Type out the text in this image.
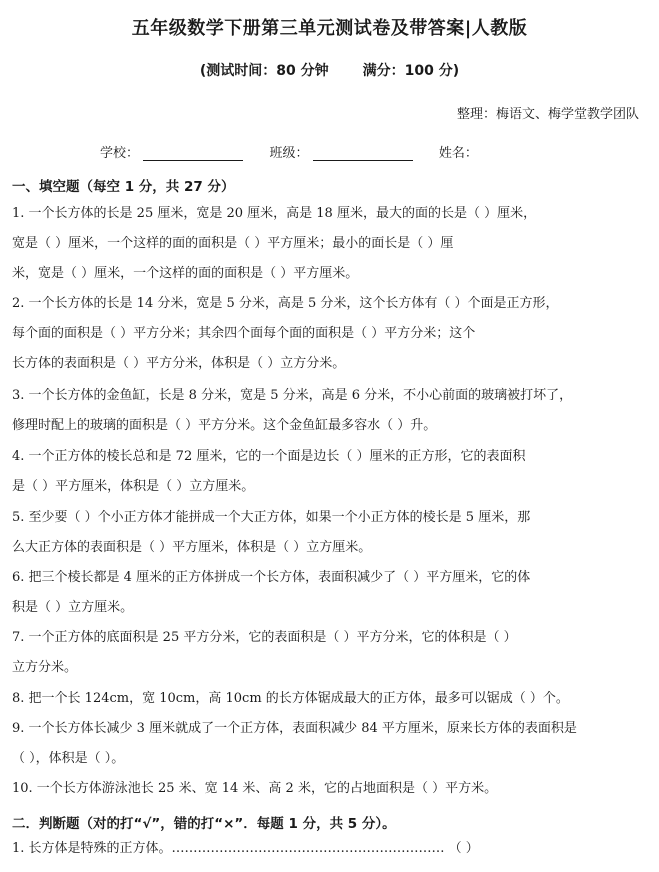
五年级数学下册第三单元测试卷及带答案|人教版
(测试时间：80 分钟       满分：100 分)
整理：梅语文、梅学堂教学团队
学校：	班级：	姓名：
一、填空题（每空 1 分，共 27 分）
1. 一个长方体的长是 25 厘米，宽是 20 厘米，高是 18 厘米，最大的面的长是（ ）厘米，
宽是（ ）厘米，一个这样的面的面积是（ ）平方厘米；最小的面长是（ ）厘
米，宽是（ ）厘米，一个这样的面的面积是（ ）平方厘米。
2. 一个长方体的长是 14 分米，宽是 5 分米，高是 5 分米，这个长方体有（ ）个面是正方形，
每个面的面积是（ ）平方分米；其余四个面每个面的面积是（ ）平方分米；这个
长方体的表面积是（ ）平方分米，体积是（ ）立方分米。
3. 一个长方体的金鱼缸，长是 8 分米，宽是 5 分米，高是 6 分米，不小心前面的玻璃被打坏了，
修理时配上的玻璃的面积是（ ）平方分米。这个金鱼缸最多容水（ ）升。
4. 一个正方体的棱长总和是 72 厘米，它的一个面是边长（ ）厘米的正方形，它的表面积
是（ ）平方厘米，体积是（ ）立方厘米。
5. 至少要（ ）个小正方体才能拼成一个大正方体，如果一个小正方体的棱长是 5 厘米，那
么大正方体的表面积是（ ）平方厘米，体积是（ ）立方厘米。
6. 把三个棱长都是 4 厘米的正方体拼成一个长方体，表面积减少了（ ）平方厘米，它的体
积是（ ）立方厘米。
7. 一个正方体的底面积是 25 平方分米，它的表面积是（ ）平方分米，它的体积是（ ）
立方分米。
8. 把一个长 124cm，宽 10cm，高 10cm 的长方体锯成最大的正方体，最多可以锯成（ ）个。
9. 一个长方体长减少 3 厘米就成了一个正方体，表面积减少 84 平方厘米，原来长方体的表面积是
（ ），体积是（ ）。
10. 一个长方体游泳池长 25 米、宽 14 米、高 2 米，它的占地面积是（ ）平方米。
二．判断题（对的打“√”，错的打“×”．每题 1 分，共 5 分）。
1. 长方体是特殊的正方体。……………………………………………………… （ ）
